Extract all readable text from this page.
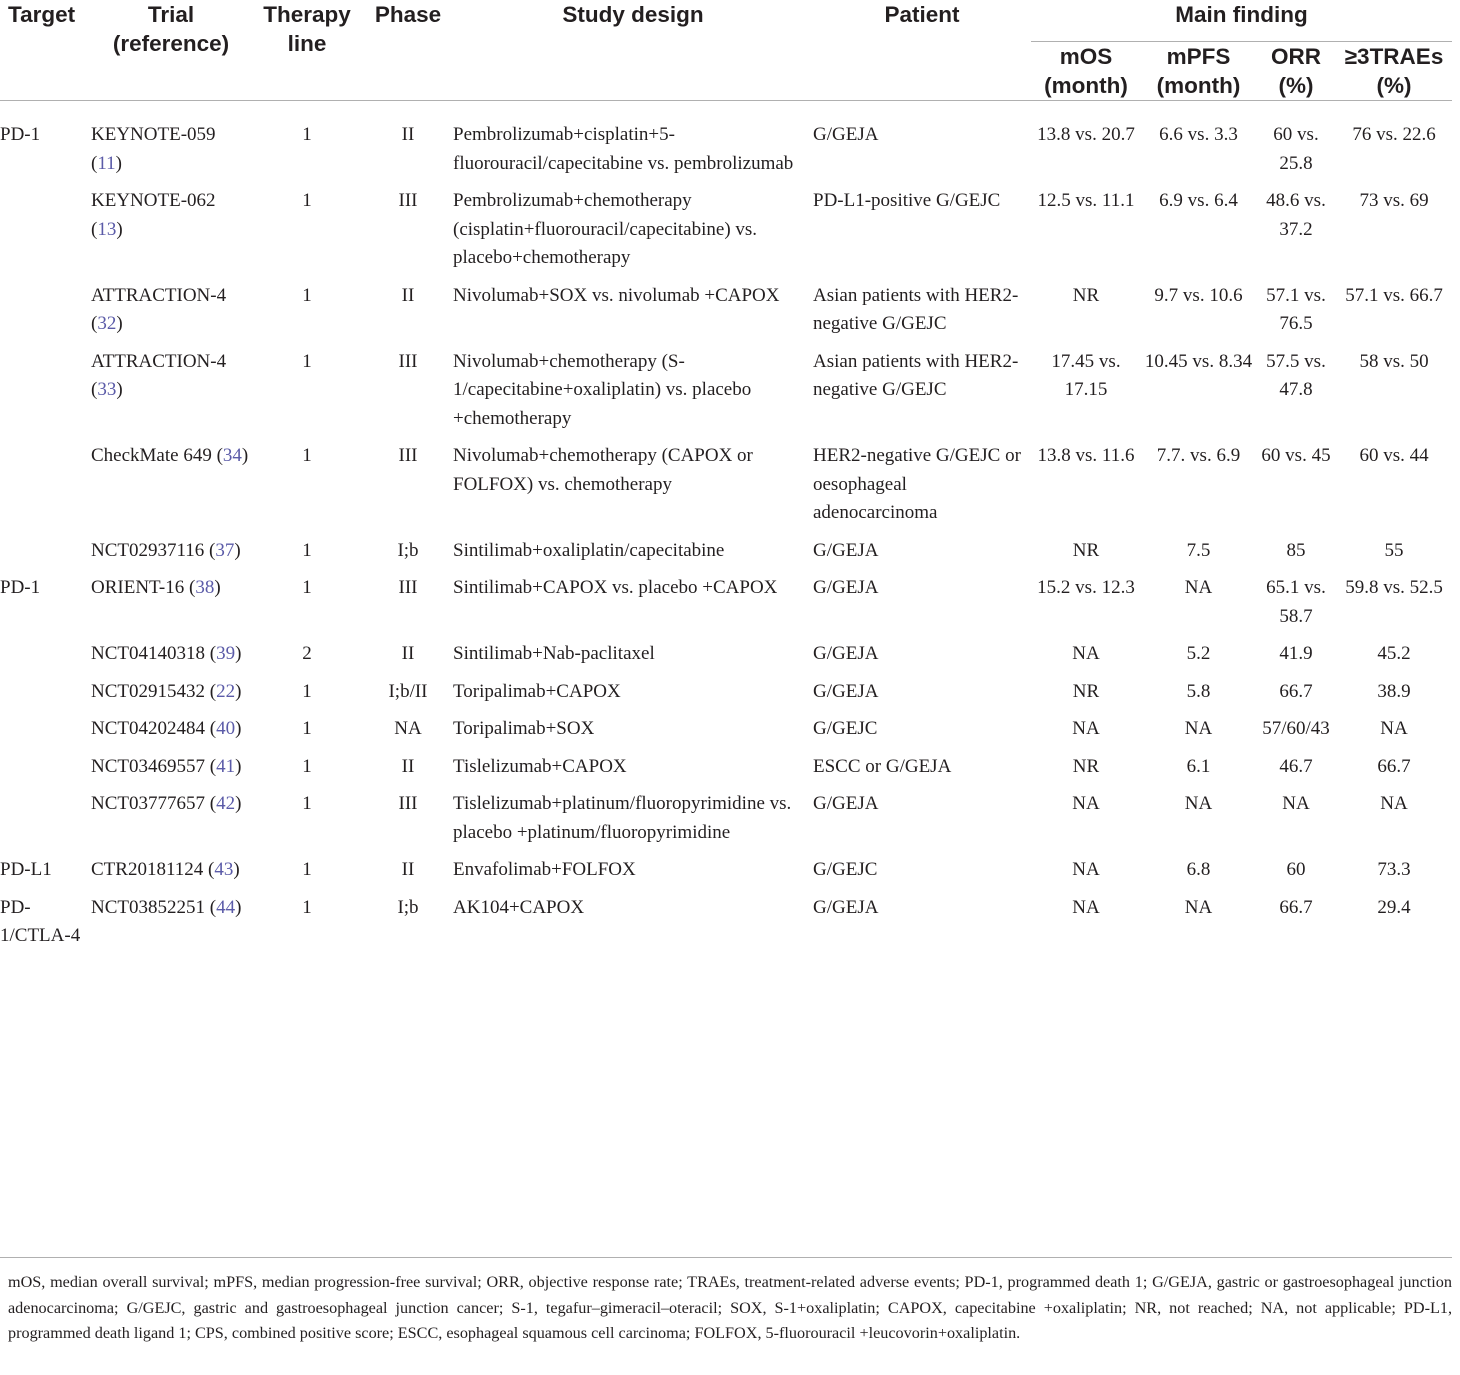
Target	Trial (reference)	Therapy line	Phase	Study design	Patient	Main finding			
						mOS (month)	mPFS (month)	ORR (%)	≥3TRAEs (%)
PD-1	KEYNOTE-059 (11)	1	II	Pembrolizumab+cisplatin+5-fluorouracil/capecitabine vs. pembrolizumab	G/GEJA	13.8 vs. 20.7	6.6 vs. 3.3	60 vs. 25.8	76 vs. 22.6
	KEYNOTE-062 (13)	1	III	Pembrolizumab+chemotherapy (cisplatin+fluorouracil/capecitabine) vs. placebo+chemotherapy	PD-L1-positive G/GEJC	12.5 vs. 11.1	6.9 vs. 6.4	48.6 vs. 37.2	73 vs. 69
	ATTRACTION-4 (32)	1	II	Nivolumab+SOX vs. nivolumab +CAPOX	Asian patients with HER2-negative G/GEJC	NR	9.7 vs. 10.6	57.1 vs. 76.5	57.1 vs. 66.7
	ATTRACTION-4 (33)	1	III	Nivolumab+chemotherapy (S-1/capecitabine+oxaliplatin) vs. placebo +chemotherapy	Asian patients with HER2-negative G/GEJC	17.45 vs. 17.15	10.45 vs. 8.34	57.5 vs. 47.8	58 vs. 50
	CheckMate 649 (34)	1	III	Nivolumab+chemotherapy (CAPOX or FOLFOX) vs. chemotherapy	HER2-negative G/GEJC or oesophageal adenocarcinoma	13.8 vs. 11.6	7.7. vs. 6.9	60 vs. 45	60 vs. 44
	NCT02937116 (37)	1	I;b	Sintilimab+oxaliplatin/capecitabine	G/GEJA	NR	7.5	85	55
PD-1	ORIENT-16 (38)	1	III	Sintilimab+CAPOX vs. placebo +CAPOX	G/GEJA	15.2 vs. 12.3	NA	65.1 vs. 58.7	59.8 vs. 52.5
	NCT04140318 (39)	2	II	Sintilimab+Nab-paclitaxel	G/GEJA	NA	5.2	41.9	45.2
	NCT02915432 (22)	1	I;b/II	Toripalimab+CAPOX	G/GEJA	NR	5.8	66.7	38.9
	NCT04202484 (40)	1	NA	Toripalimab+SOX	G/GEJC	NA	NA	57/60/43	NA
	NCT03469557 (41)	1	II	Tislelizumab+CAPOX	ESCC or G/GEJA	NR	6.1	46.7	66.7
	NCT03777657 (42)	1	III	Tislelizumab+platinum/fluoropyrimidine vs. placebo +platinum/fluoropyrimidine	G/GEJA	NA	NA	NA	NA
PD-L1	CTR20181124 (43)	1	II	Envafolimab+FOLFOX	G/GEJC	NA	6.8	60	73.3
PD-1/CTLA-4	NCT03852251 (44)	1	I;b	AK104+CAPOX	G/GEJA	NA	NA	66.7	29.4
mOS, median overall survival; mPFS, median progression-free survival; ORR, objective response rate; TRAEs, treatment-related adverse events; PD-1, programmed death 1; G/GEJA, gastric or gastroesophageal junction adenocarcinoma; G/GEJC, gastric and gastroesophageal junction cancer; S-1, tegafur–gimeracil–oteracil; SOX, S-1+oxaliplatin; CAPOX, capecitabine +oxaliplatin; NR, not reached; NA, not applicable; PD-L1, programmed death ligand 1; CPS, combined positive score; ESCC, esophageal squamous cell carcinoma; FOLFOX, 5-fluorouracil +leucovorin+oxaliplatin.
